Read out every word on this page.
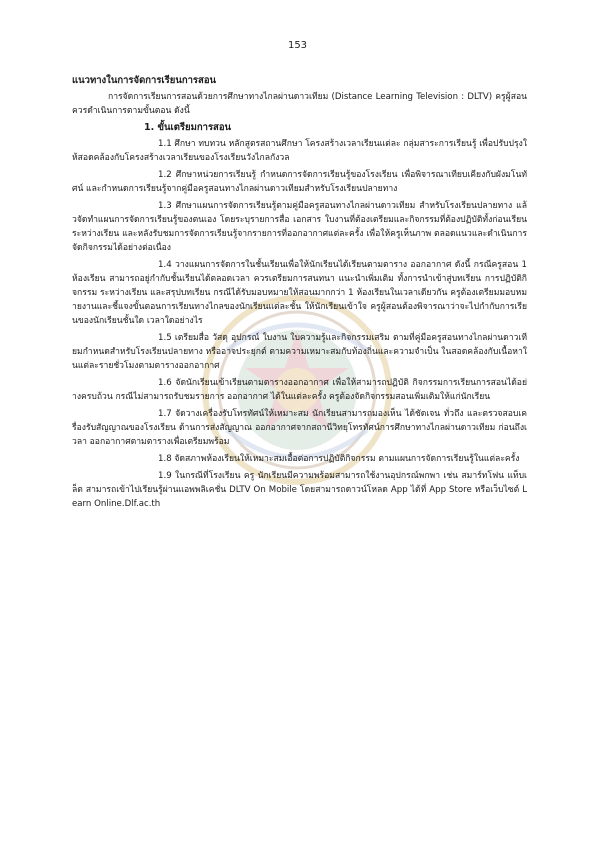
153
แนวทางในการจัดการเรียนการสอน

การจัดการเรียนการสอนด้วยการศึกษาทางไกลผ่านดาวเทียม (Distance Learning Television : DLTV) ครูผู้สอนควรดำเนินการตามขั้นตอน ดังนี้

1. ขั้นเตรียมการสอน

1.1 ศึกษา ทบทวน หลักสูตรสถานศึกษา โครงสร้างเวลาเรียนแต่ละ กลุ่มสาระการเรียนรู้ เพื่อปรับปรุงให้สอดคล้องกับโครงสร้างเวลาเรียนของโรงเรียนวังไกลกังวล

1.2 ศึกษาหน่วยการเรียนรู้ กำหนดการจัดการเรียนรู้ของโรงเรียน เพื่อพิจารณาเทียบเคียงกับผังมโนทัศน์ และกำหนดการเรียนรู้จากคู่มือครูสอนทางไกลผ่านดาวเทียมสำหรับโรงเรียนปลายทาง

1.3 ศึกษาแผนการจัดการเรียนรู้ตามคู่มือครูสอนทางไกลผ่านดาวเทียม สำหรับโรงเรียนปลายทาง แล้วจัดทำแผนการจัดการเรียนรู้ของตนเอง โดยระบุรายการสื่อ เอกสาร ใบงานที่ต้องเตรียมและกิจกรรมที่ต้องปฏิบัติทั้งก่อนเรียน ระหว่างเรียน และหลังรับชมการจัดการเรียนรู้จากรายการที่ออกอากาศแต่ละครั้ง เพื่อให้ครูเห็นภาพ ตลอดแนวและดำเนินการจัดกิจกรรมได้อย่างต่อเนื่อง

1.4 วางแผนการจัดการในชั้นเรียนเพื่อให้นักเรียนได้เรียนตามตาราง ออกอากาศ ดังนี้ กรณีครูสอน 1 ห้องเรียน สามารถอยู่กำกับชั้นเรียนได้ตลอดเวลา ควรเตรียมการสนทนา แนะนำเพิ่มเติม ทั้งการนำเข้าสู่บทเรียน การปฏิบัติกิจกรรม ระหว่างเรียน และสรุปบทเรียน กรณีได้รับมอบหมายให้สอนมากกว่า 1 ห้องเรียนในเวลาเดียวกัน ครูต้องเตรียมมอบหมายงานและชี้แจงขั้นตอนการเรียนทางไกลของนักเรียนแต่ละชั้น ให้นักเรียนเข้าใจ ครูผู้สอนต้องพิจารณาว่าจะไปกำกับการเรียนของนักเรียนชั้นใด เวลาใดอย่างไร

1.5 เตรียมสื่อ วัสดุ อุปกรณ์ ใบงาน ใบความรู้และกิจกรรมเสริม ตามที่คู่มือครูสอนทางไกลผ่านดาวเทียมกำหนดสำหรับโรงเรียนปลายทาง หรืออาจประยุกต์ ตามความเหมาะสมกับท้องถิ่นและความจำเป็น ในสอดคล้องกับเนื้อหาในแต่ละรายชั่วโมงตามตารางออกอากาศ

1.6 จัดนักเรียนเข้าเรียนตามตารางออกอากาศ เพื่อให้สามารถปฏิบัติ กิจกรรมการเรียนการสอนได้อย่างครบถ้วน กรณีไม่สามารถรับชมรายการ ออกอากาศ ได้ในแต่ละครั้ง ครูต้องจัดกิจกรรมสอนเพิ่มเติมให้แก่นักเรียน

1.7 จัดวางเครื่องรับโทรทัศน์ให้เหมาะสม นักเรียนสามารถมองเห็น ได้ชัดเจน ทั่วถึง และตรวจสอบเครื่องรับสัญญาณของโรงเรียน ด้านการส่งสัญญาณ ออกอากาศจากสถานีวิทยุโทรทัศน์การศึกษาทางไกลผ่านดาวเทียม ก่อนถึงเวลา ออกอากาศตามตารางเพื่อเตรียมพร้อม

1.8 จัดสภาพห้องเรียนให้เหมาะสมเอื้อต่อการปฏิบัติกิจกรรม ตามแผนการจัดการเรียนรู้ในแต่ละครั้ง

1.9 ในกรณีที่โรงเรียน ครู นักเรียนมีความพร้อมสามารถใช้งานอุปกรณ์พกพา เช่น สมาร์ทโฟน แท็บเล็ต สามารถเข้าไปเรียนรู้ผ่านแอพพลิเคชั่น DLTV On Mobile โดยสามารถดาวน์โหลด App ได้ที่ App Store หรือเว็บไซต์ Learn Online.Dlf.ac.th
